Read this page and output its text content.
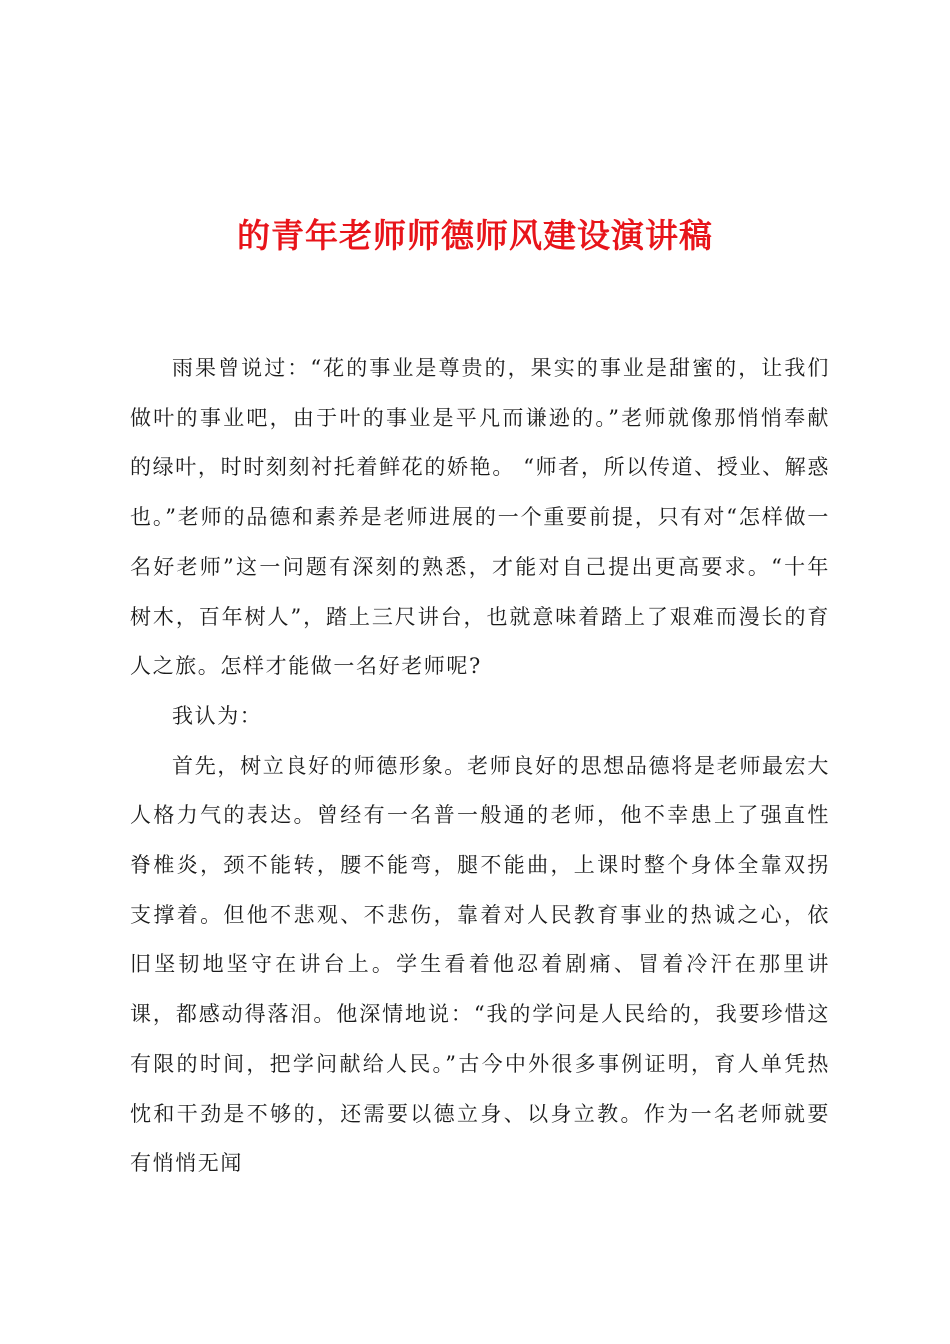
的青年老师师德师风建设演讲稿

雨果曾说过：“花的事业是尊贵的，果实的事业是甜蜜的，让我们做叶的事业吧，由于叶的事业是平凡而谦逊的。”老师就像那悄悄奉献的绿叶，时时刻刻衬托着鲜花的娇艳。 “师者，所以传道、授业、解惑也。”老师的品德和素养是老师进展的一个重要前提，只有对“怎样做一名好老师”这一问题有深刻的熟悉，才能对自己提出更高要求。“十年树木，百年树人”，踏上三尺讲台，也就意味着踏上了艰难而漫长的育人之旅。怎样才能做一名好老师呢?

我认为：

首先，树立良好的师德形象。老师良好的思想品德将是老师最宏大人格力气的表达。曾经有一名普一般通的老师，他不幸患上了强直性脊椎炎，颈不能转，腰不能弯，腿不能曲，上课时整个身体全靠双拐支撑着。但他不悲观、不悲伤，靠着对人民教育事业的热诚之心，依旧坚韧地坚守在讲台上。学生看着他忍着剧痛、冒着冷汗在那里讲课，都感动得落泪。他深情地说：“我的学问是人民给的，我要珍惜这有限的时间，把学问献给人民。”古今中外很多事例证明，育人单凭热忱和干劲是不够的，还需要以德立身、以身立教。作为一名老师就要有悄悄无闻
